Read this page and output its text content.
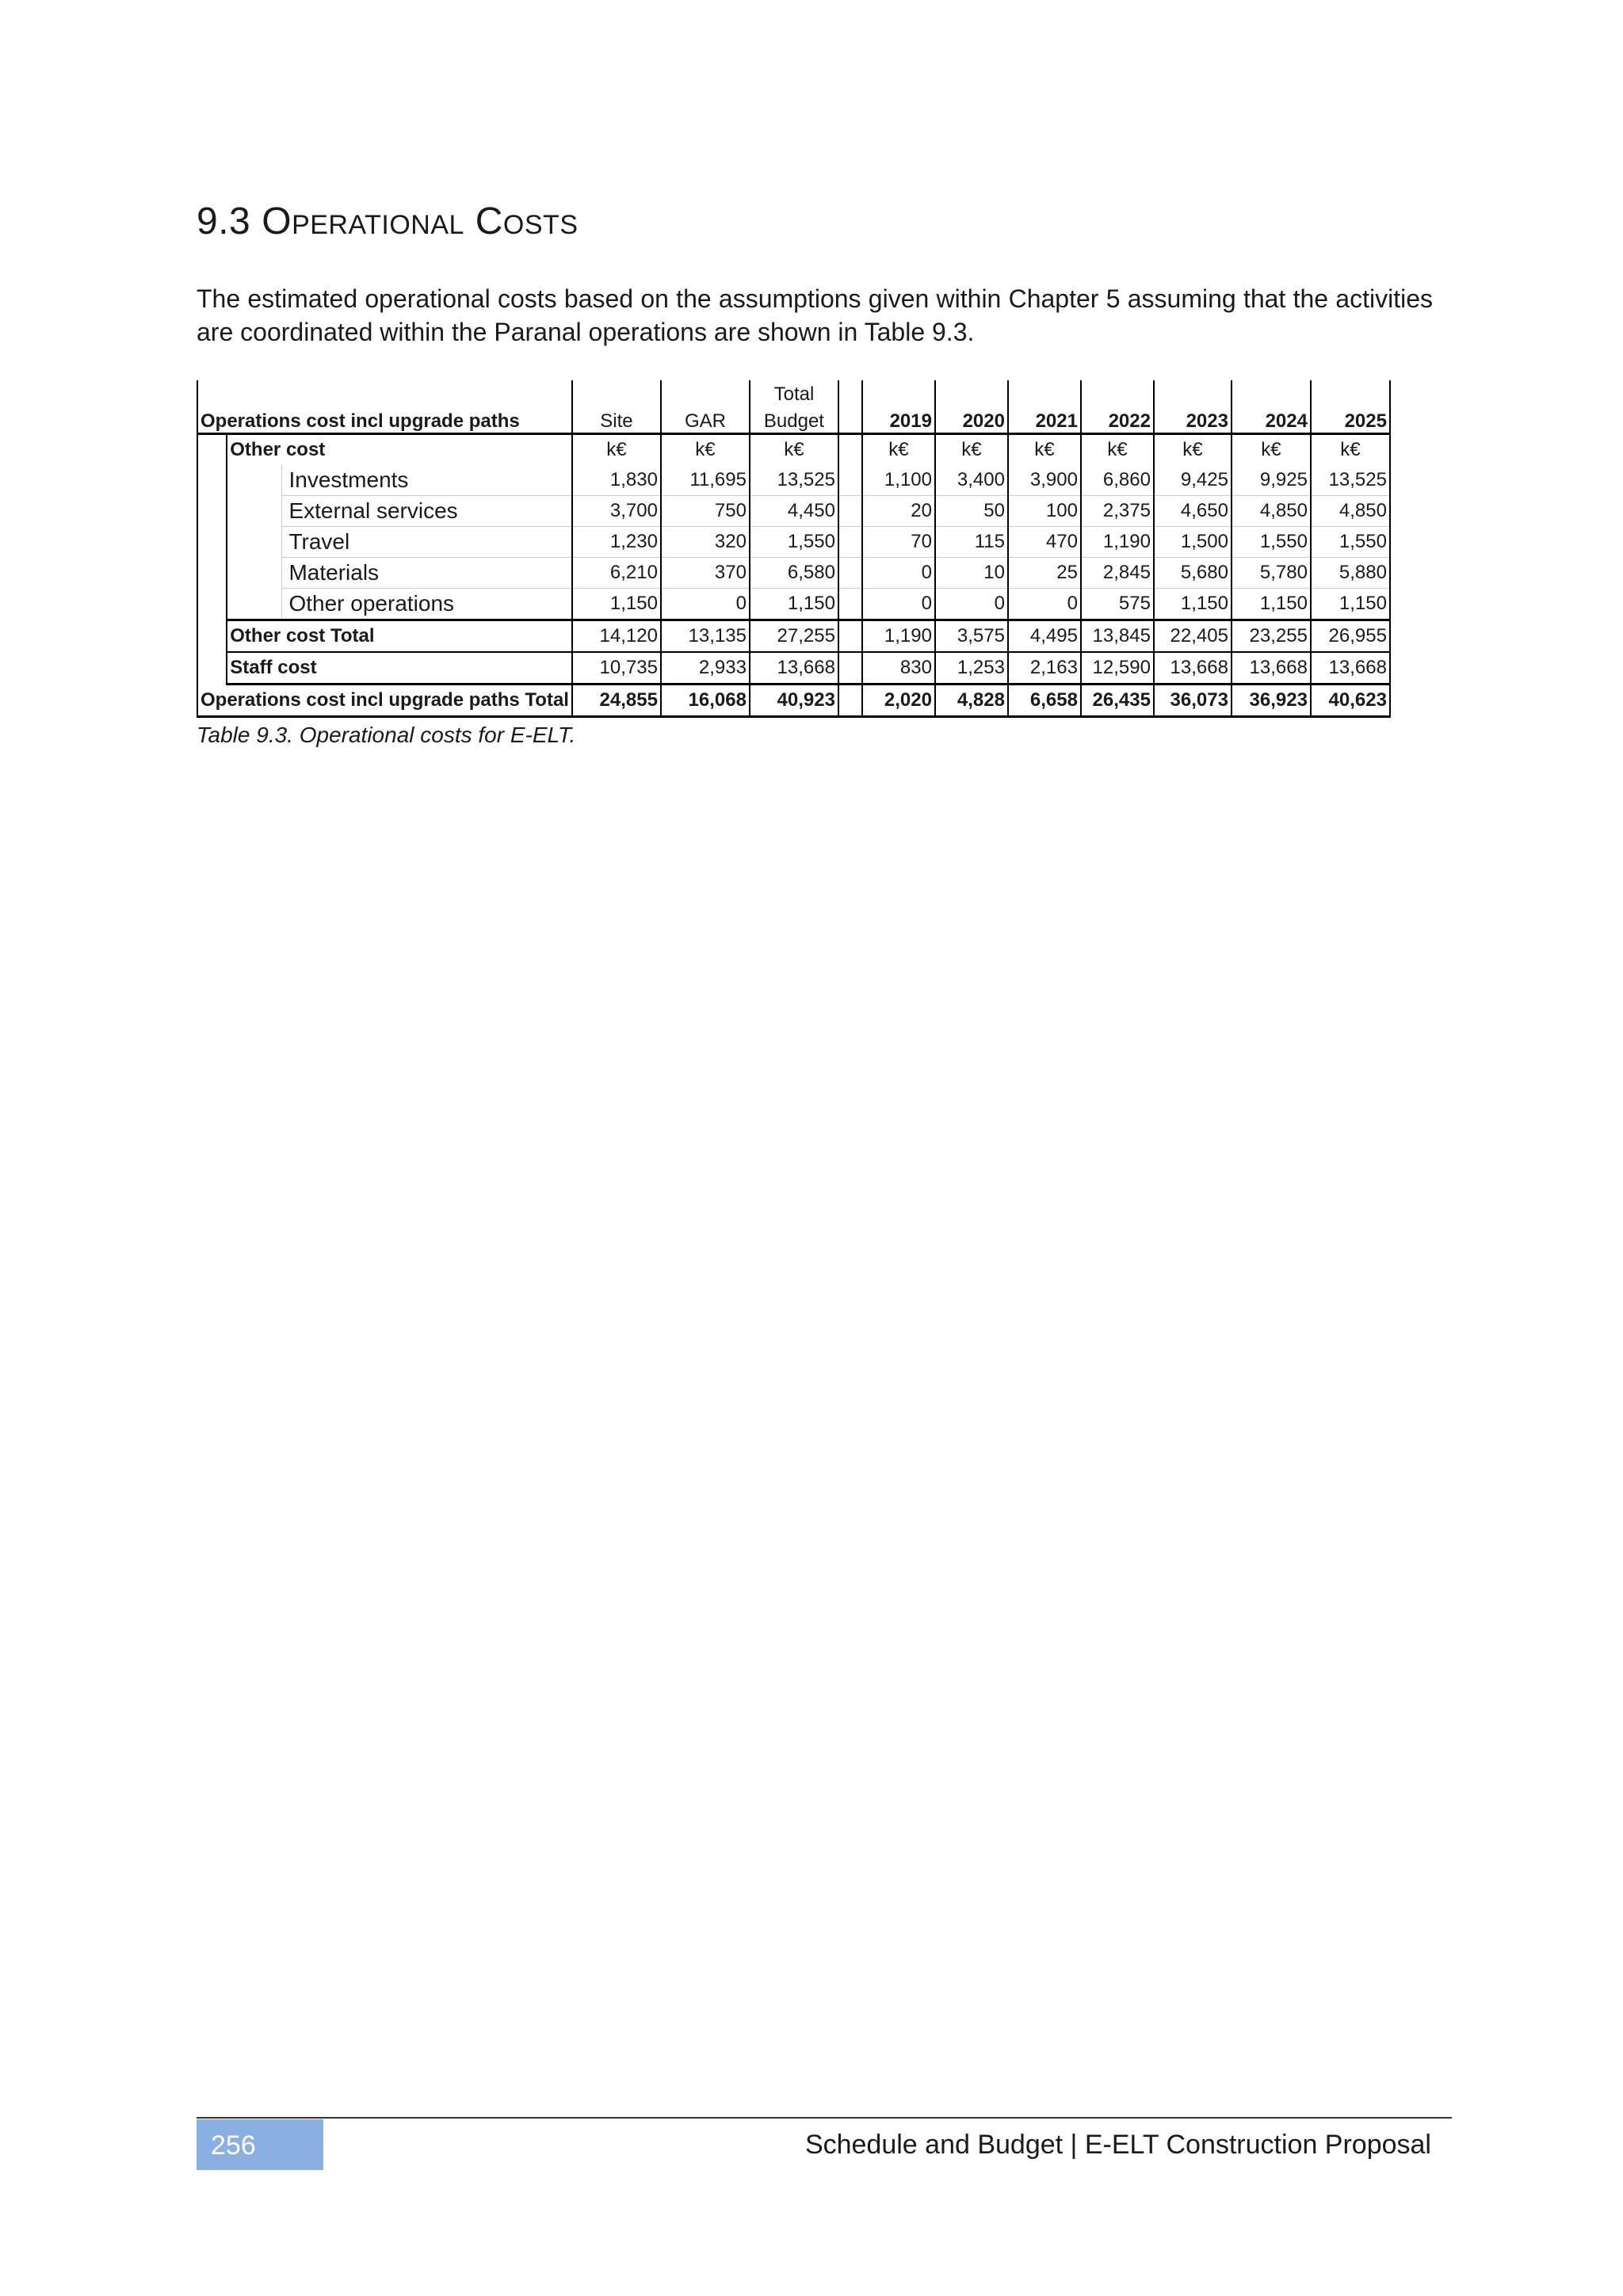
9.3 Operational Costs

The estimated operational costs based on the assumptions given within Chapter 5 assuming that the activities are coordinated within the Paranal operations are shown in Table 9.3.

					Total								
Operations cost incl upgrade paths			Site	GAR	Budget		2019	2020	2021	2022	2023	2024	2025
	Other cost		k€	k€	k€		k€	k€	k€	k€	k€	k€	k€
		Investments	1,830	11,695	13,525		1,100	3,400	3,900	6,860	9,425	9,925	13,525
		External services	3,700	750	4,450		20	50	100	2,375	4,650	4,850	4,850
		Travel	1,230	320	1,550		70	115	470	1,190	1,500	1,550	1,550
		Materials	6,210	370	6,580		0	10	25	2,845	5,680	5,780	5,880
		Other operations	1,150	0	1,150		0	0	0	575	1,150	1,150	1,150
	Other cost Total		14,120	13,135	27,255		1,190	3,575	4,495	13,845	22,405	23,255	26,955
	Staff cost		10,735	2,933	13,668		830	1,253	2,163	12,590	13,668	13,668	13,668
Operations cost incl upgrade paths Total			24,855	16,068	40,923		2,020	4,828	6,658	26,435	36,073	36,923	40,623

Table 9.3. Operational costs for E-ELT.

256	Schedule and Budget | E-ELT Construction Proposal
